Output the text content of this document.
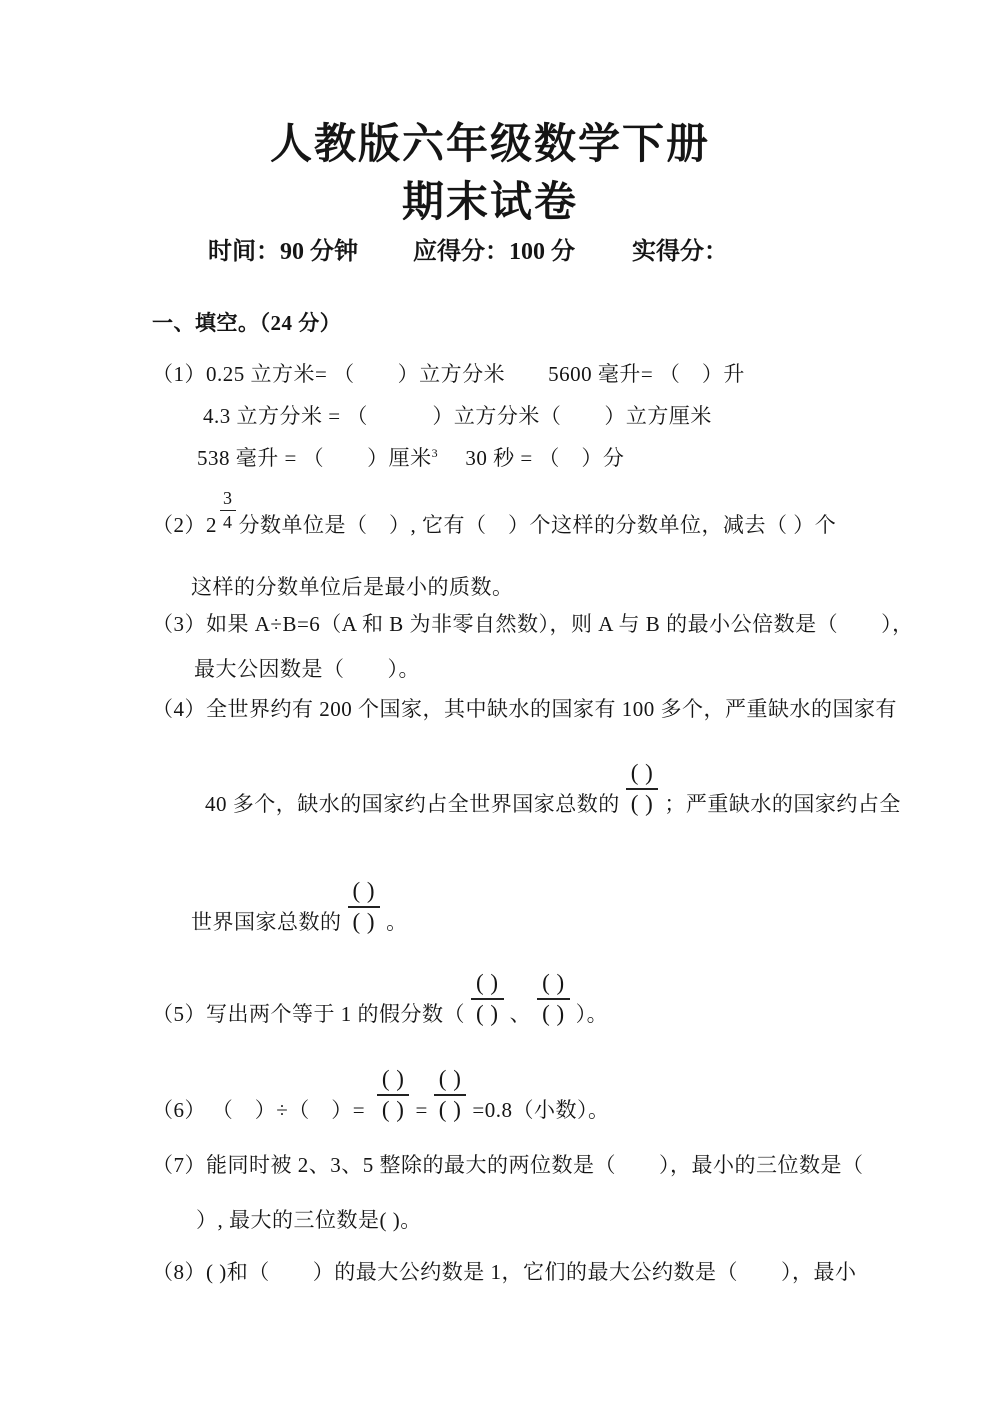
人教版六年级数学下册
期末试卷
时间：90 分钟 应得分：100 分 实得分：
一、填空。（24 分）
（1）0.25 立方米= （　　）立方分米　　5600 毫升= （　）升
4.3 立方分米 = （　　　）立方分米（　　）立方厘米
538 毫升 = （　　）厘米$^3$　 30 秒 = （　）分
$(2)2 \frac{3}{4}$ 分数单位是（　）, 它有（　）个这样的分数单位，减去（ ）个
这样的分数单位后是最小的质数。
（3）如果 A÷B=6（A 和 B 为非零自然数），则 A 与 B 的最小公倍数是（　　），
最大公因数是（　　）。
（4）全世界约有 200 个国家，其中缺水的国家有 100 多个，严重缺水的国家有
40 多个，缺水的国家约占全世界国家总数的 $\frac{( )}{( )}$ ；严重缺水的国家约占全
世界国家总数的 $\frac{( )}{( )}$ 。
（5）写出两个等于 1 的假分数（ $\frac{( )}{( )}$ 、 $\frac{( )}{( )}$ ）。
（6） （　）÷（　）= $\frac{( )}{( )} = \frac{( )}{( )} =0.8$（小数）。
（7）能同时被 2、3、5 整除的最大的两位数是（　　），最小的三位数是（
）, 最大的三位数是( )。
（8）( )和（　　）的最大公约数是 1，它们的最大公约数是（　　），最小
